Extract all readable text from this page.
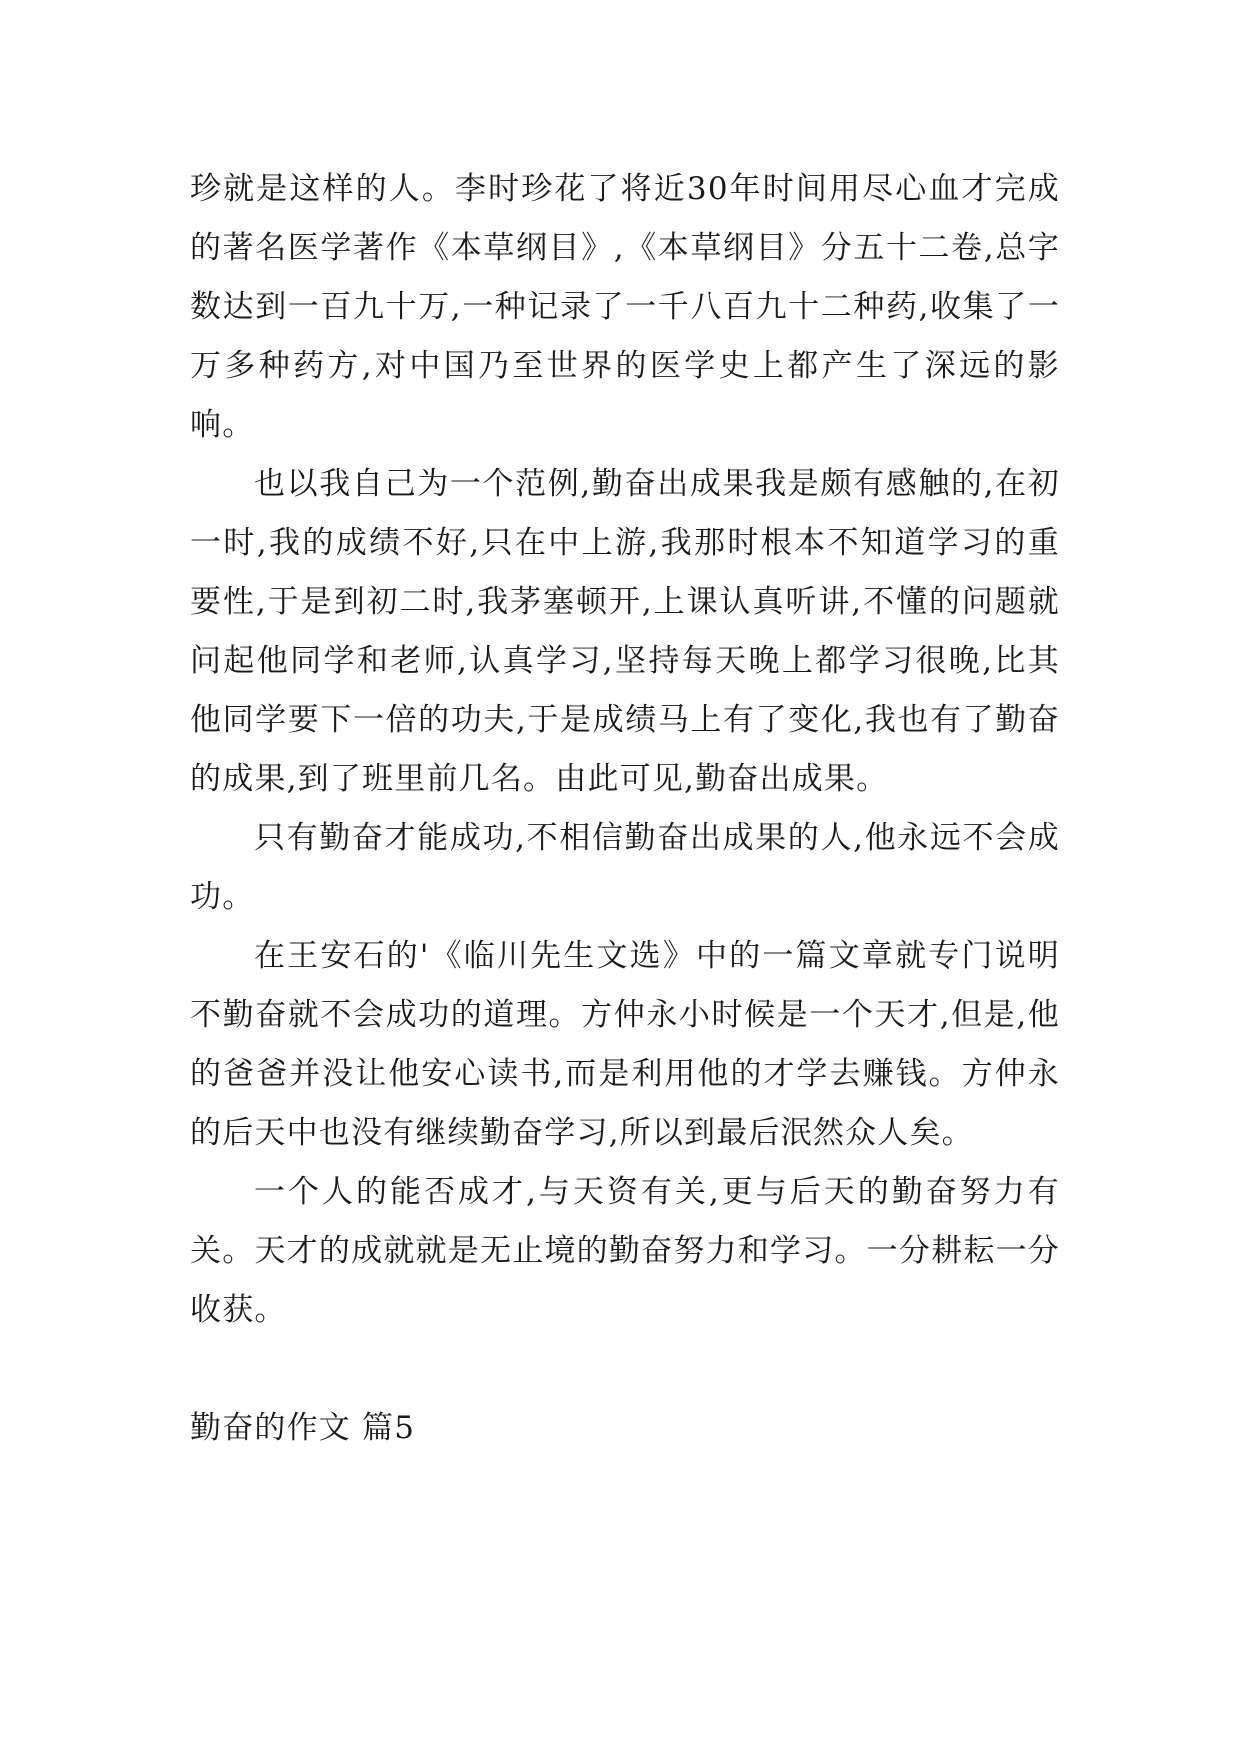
珍就是这样的人。李时珍花了将近30年时间用尽心血才完成的著名医学著作《本草纲目》,《本草纲目》分五十二卷,总字数达到一百九十万,一种记录了一千八百九十二种药,收集了一万多种药方,对中国乃至世界的医学史上都产生了深远的影响。

也以我自己为一个范例,勤奋出成果我是颇有感触的,在初一时,我的成绩不好,只在中上游,我那时根本不知道学习的重要性,于是到初二时,我茅塞顿开,上课认真听讲,不懂的问题就问起他同学和老师,认真学习,坚持每天晚上都学习很晚,比其他同学要下一倍的功夫,于是成绩马上有了变化,我也有了勤奋的成果,到了班里前几名。由此可见,勤奋出成果。

只有勤奋才能成功,不相信勤奋出成果的人,他永远不会成功。

在王安石的'《临川先生文选》中的一篇文章就专门说明不勤奋就不会成功的道理。方仲永小时候是一个天才,但是,他的爸爸并没让他安心读书,而是利用他的才学去赚钱。方仲永的后天中也没有继续勤奋学习,所以到最后泯然众人矣。

一个人的能否成才,与天资有关,更与后天的勤奋努力有关。天才的成就就是无止境的勤奋努力和学习。一分耕耘一分收获。

勤奋的作文 篇5
